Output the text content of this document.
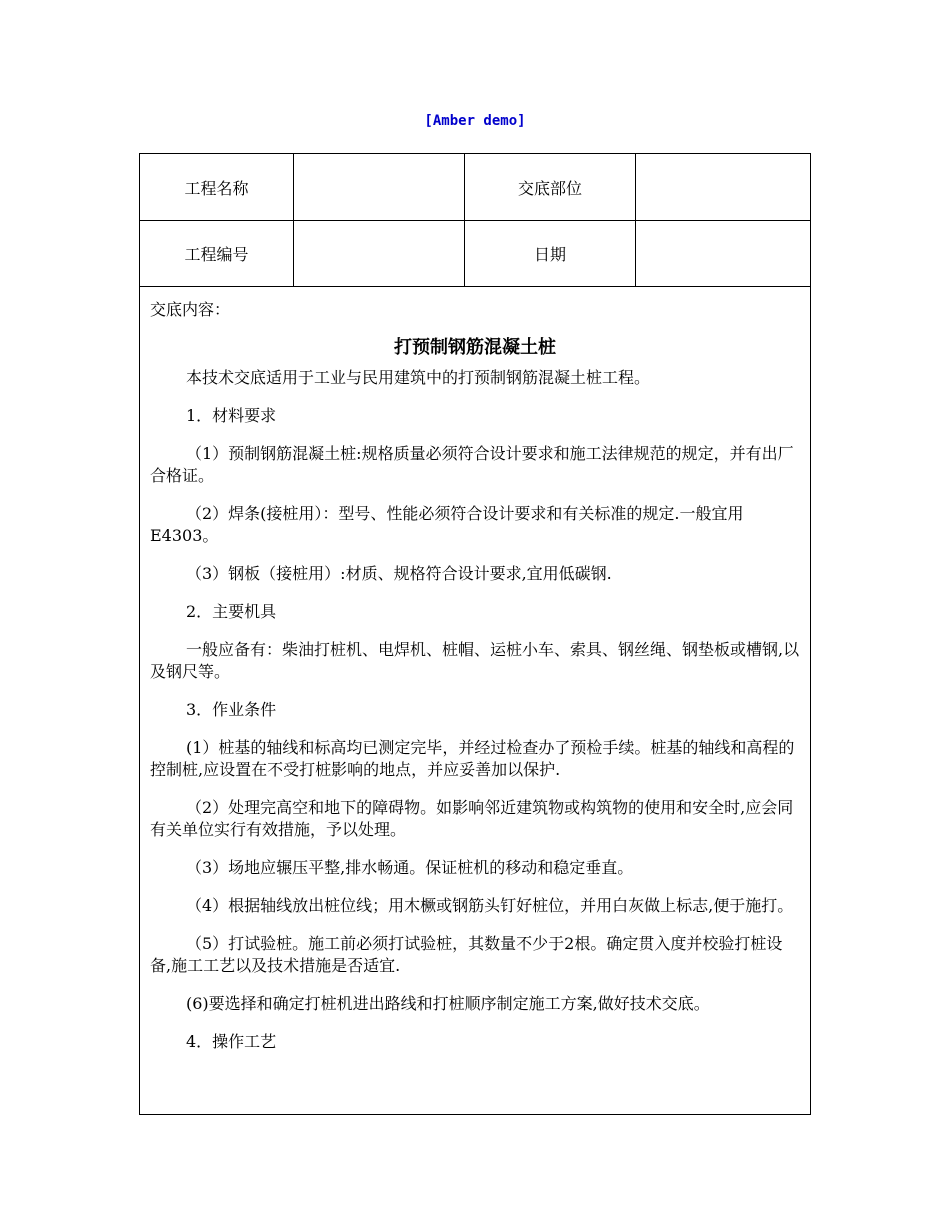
[Amber demo]
工程名称	交底部位
工程编号	日期
交底内容：
打预制钢筋混凝土桩

本技术交底适用于工业与民用建筑中的打预制钢筋混凝土桩工程。

1．材料要求

（1）预制钢筋混凝土桩:规格质量必须符合设计要求和施工法律规范的规定，并有出厂合格证。

（2）焊条(接桩用）：型号、性能必须符合设计要求和有关标准的规定.一般宜用E4303。

（3）钢板（接桩用）:材质、规格符合设计要求,宜用低碳钢.

2．主要机具

一般应备有：柴油打桩机、电焊机、桩帽、运桩小车、索具、钢丝绳、钢垫板或槽钢,以及钢尺等。

3．作业条件

(1）桩基的轴线和标高均已测定完毕，并经过检查办了预检手续。桩基的轴线和高程的控制桩,应设置在不受打桩影响的地点，并应妥善加以保护.

（2）处理完高空和地下的障碍物。如影响邻近建筑物或构筑物的使用和安全时,应会同有关单位实行有效措施，予以处理。

（3）场地应辗压平整,排水畅通。保证桩机的移动和稳定垂直。

（4）根据轴线放出桩位线；用木橛或钢筋头钉好桩位，并用白灰做上标志,便于施打。

（5）打试验桩。施工前必须打试验桩，其数量不少于2根。确定贯入度并校验打桩设备,施工工艺以及技术措施是否适宜.

(6)要选择和确定打桩机进出路线和打桩顺序制定施工方案,做好技术交底。

4．操作工艺
